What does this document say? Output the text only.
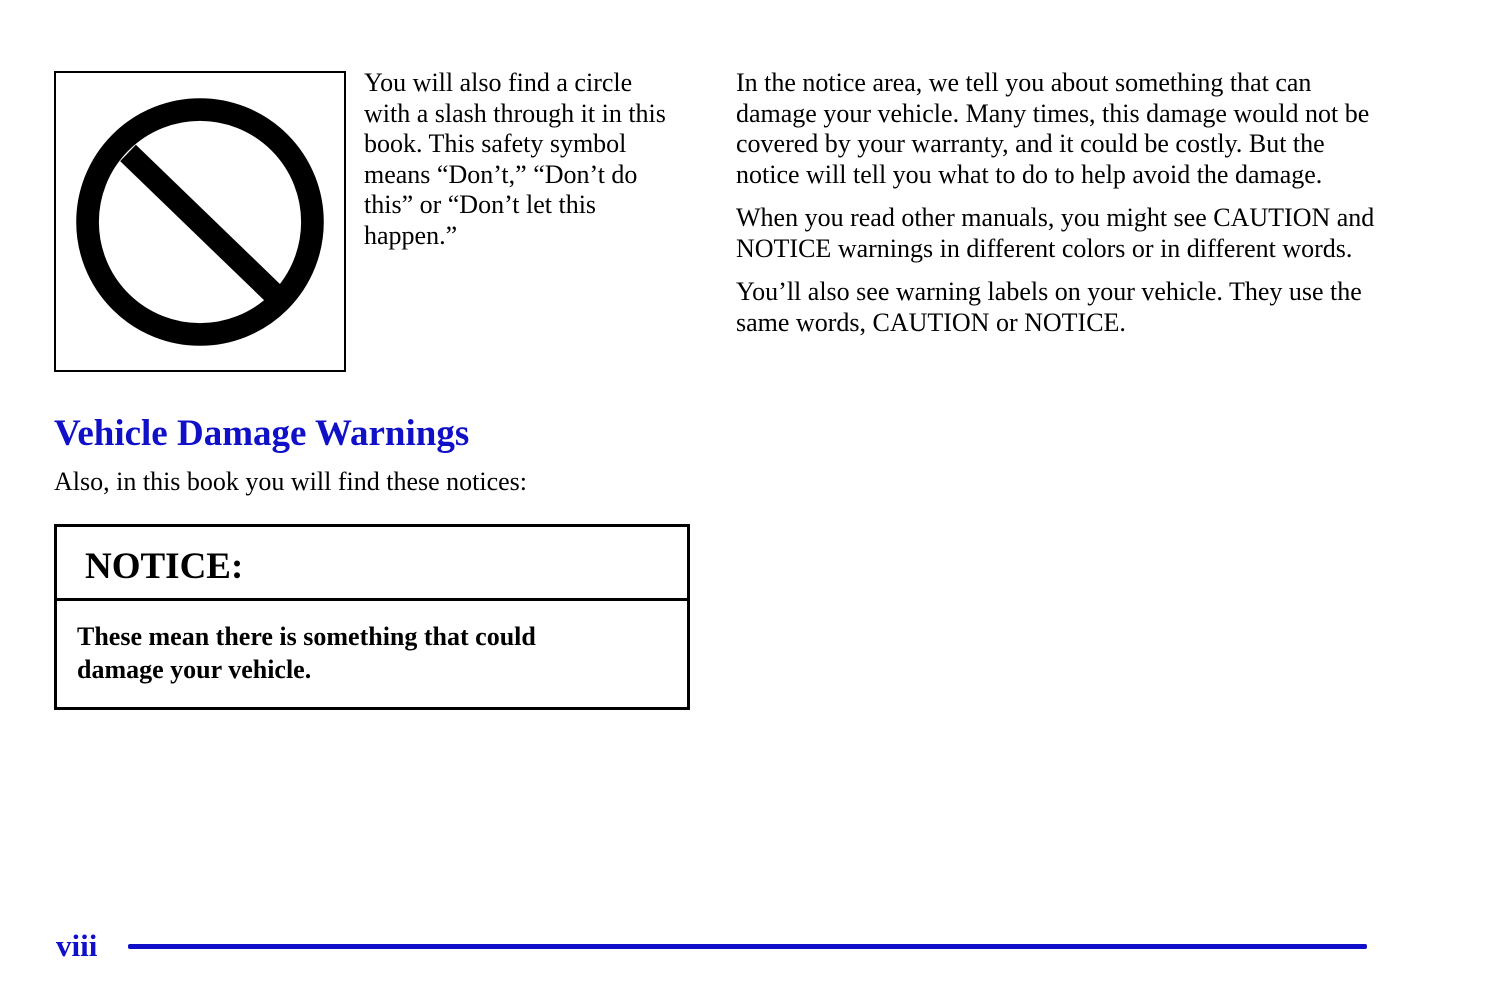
You will also find a circle with a slash through it in this book. This safety symbol means “Don’t,” “Don’t do this” or “Don’t let this happen.”
Vehicle Damage Warnings

Also, in this book you will find these notices:

NOTICE:
These mean there is something that could damage your vehicle.

In the notice area, we tell you about something that can damage your vehicle. Many times, this damage would not be covered by your warranty, and it could be costly. But the notice will tell you what to do to help avoid the damage.

When you read other manuals, you might see CAUTION and NOTICE warnings in different colors or in different words.

You’ll also see warning labels on your vehicle. They use the same words, CAUTION or NOTICE.

viii
